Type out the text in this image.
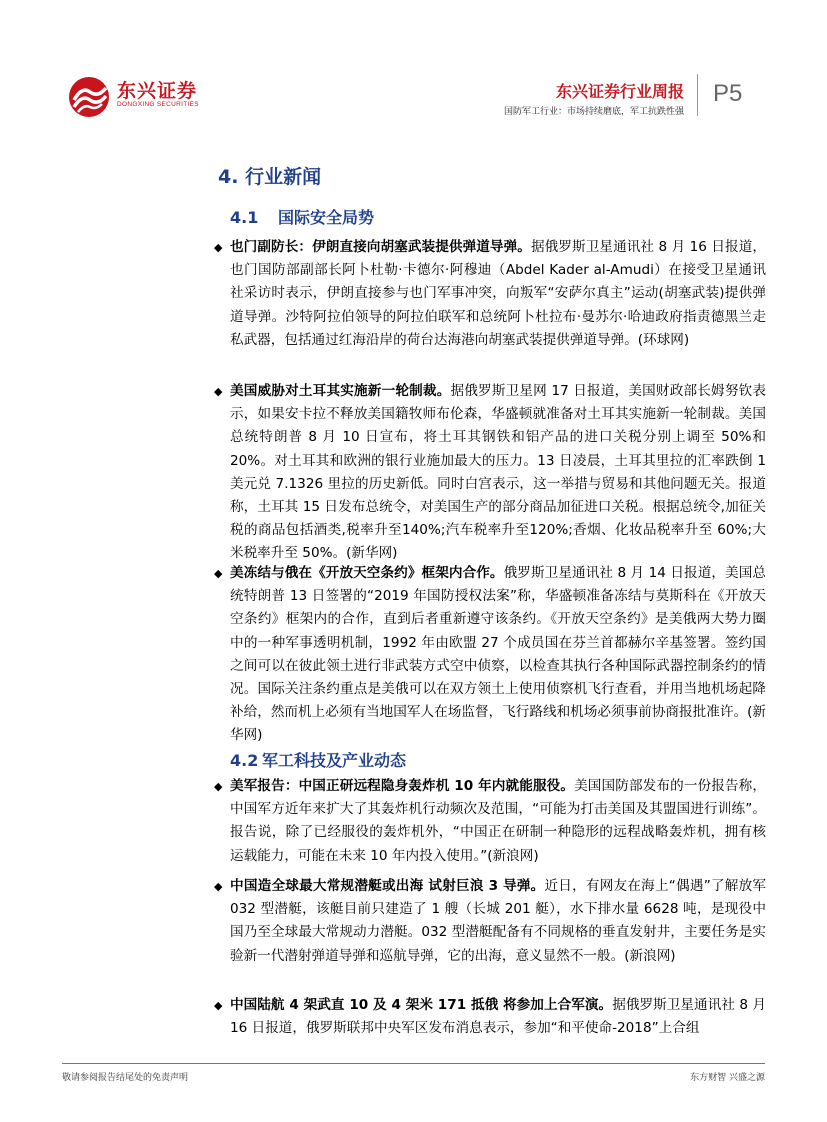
东兴证券
DONGXING SECURITIES
东兴证券行业周报
国防军工行业：市场持续磨底，军工抗跌性强
P5
4. 行业新闻
4.1 国际安全局势

◆ 也门副防长：伊朗直接向胡塞武装提供弹道导弹。据俄罗斯卫星通讯社 8 月 16 日报道，也门国防部副部长阿卜杜勒·卡德尔·阿穆迪（Abdel Kader al-Amudi）在接受卫星通讯社采访时表示，伊朗直接参与也门军事冲突，向叛军“安萨尔真主”运动(胡塞武装)提供弹道导弹。沙特阿拉伯领导的阿拉伯联军和总统阿卜杜拉布·曼苏尔·哈迪政府指责德黑兰走私武器，包括通过红海沿岸的荷台达海港向胡塞武装提供弹道导弹。(环球网)

◆ 美国威胁对土耳其实施新一轮制裁。据俄罗斯卫星网 17 日报道，美国财政部长姆努钦表示，如果安卡拉不释放美国籍牧师布伦森，华盛顿就准备对土耳其实施新一轮制裁。美国总统特朗普 8 月 10 日宣布，将土耳其钢铁和铝产品的进口关税分别上调至 50%和 20%。对土耳其和欧洲的银行业施加最大的压力。13 日凌晨，土耳其里拉的汇率跌倒 1 美元兑 7.1326 里拉的历史新低。同时白宫表示，这一举措与贸易和其他问题无关。报道称，土耳其 15 日发布总统令，对美国生产的部分商品加征进口关税。根据总统令,加征关税的商品包括酒类,税率升至140%;汽车税率升至120%;香烟、化妆品税率升至 60%;大米税率升至 50%。(新华网)

◆ 美冻结与俄在《开放天空条约》框架内合作。俄罗斯卫星通讯社 8 月 14 日报道，美国总统特朗普 13 日签署的“2019 年国防授权法案”称，华盛顿准备冻结与莫斯科在《开放天空条约》框架内的合作，直到后者重新遵守该条约。《开放天空条约》是美俄两大势力圈中的一种军事透明机制，1992 年由欧盟 27 个成员国在芬兰首都赫尔辛基签署。签约国之间可以在彼此领土进行非武装方式空中侦察，以检查其执行各种国际武器控制条约的情况。国际关注条约重点是美俄可以在双方领土上使用侦察机飞行查看，并用当地机场起降补给，然而机上必须有当地国军人在场监督，飞行路线和机场必须事前协商报批准许。(新华网)

4.2 军工科技及产业动态

◆ 美军报告：中国正研远程隐身轰炸机 10 年内就能服役。美国国防部发布的一份报告称，中国军方近年来扩大了其轰炸机行动频次及范围，“可能为打击美国及其盟国进行训练”。报告说，除了已经服役的轰炸机外，“中国正在研制一种隐形的远程战略轰炸机，拥有核运载能力，可能在未来 10 年内投入使用。”(新浪网)

◆ 中国造全球最大常规潜艇或出海 试射巨浪 3 导弹。近日，有网友在海上“偶遇”了解放军 032 型潜艇，该艇目前只建造了 1 艘（长城 201 艇），水下排水量 6628 吨，是现役中国乃至全球最大常规动力潜艇。032 型潜艇配备有不同规格的垂直发射井，主要任务是实验新一代潜射弹道导弹和巡航导弹，它的出海，意义显然不一般。(新浪网)

◆ 中国陆航 4 架武直 10 及 4 架米 171 抵俄 将参加上合军演。据俄罗斯卫星通讯社 8 月 16 日报道，俄罗斯联邦中央军区发布消息表示，参加“和平使命-2018”上合组

敬请参阅报告结尾处的免责声明	东方财智 兴盛之源
